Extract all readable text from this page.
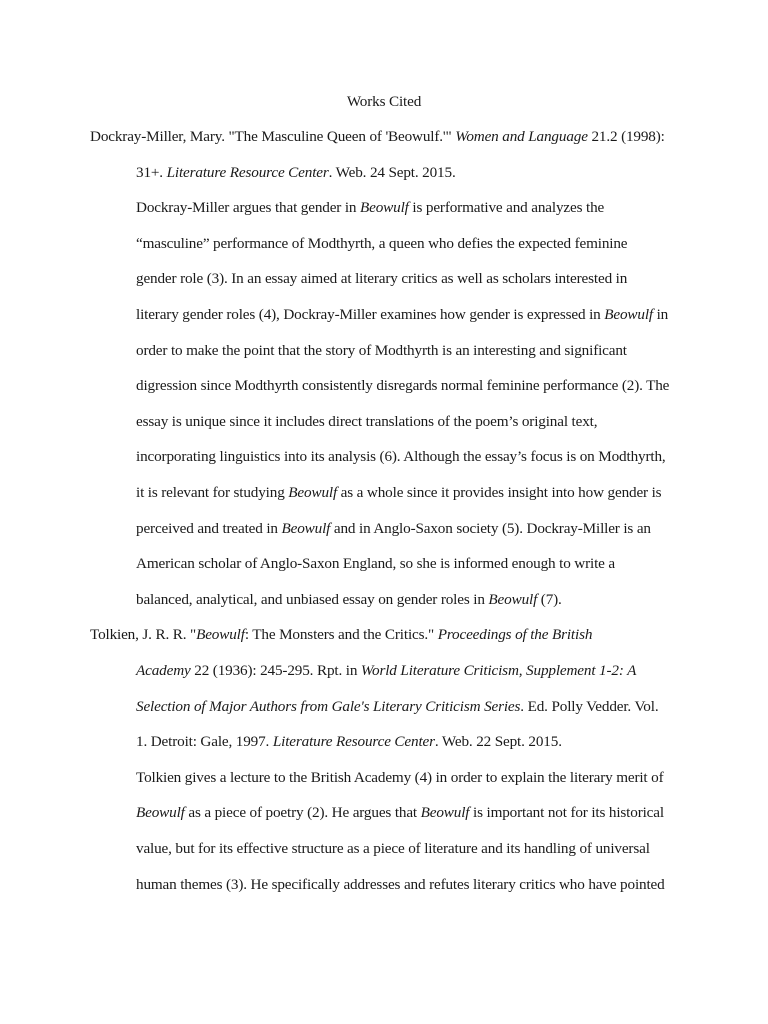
Works Cited
Dockray-Miller, Mary. "The Masculine Queen of 'Beowulf.'" Women and Language 21.2 (1998):
31+. Literature Resource Center. Web. 24 Sept. 2015.
Dockray-Miller argues that gender in Beowulf is performative and analyzes the
“masculine” performance of Modthyrth, a queen who defies the expected feminine
gender role (3). In an essay aimed at literary critics as well as scholars interested in
literary gender roles (4), Dockray-Miller examines how gender is expressed in Beowulf in
order to make the point that the story of Modthyrth is an interesting and significant
digression since Modthyrth consistently disregards normal feminine performance (2). The
essay is unique since it includes direct translations of the poem’s original text,
incorporating linguistics into its analysis (6). Although the essay’s focus is on Modthyrth,
it is relevant for studying Beowulf as a whole since it provides insight into how gender is
perceived and treated in Beowulf and in Anglo-Saxon society (5). Dockray-Miller is an
American scholar of Anglo-Saxon England, so she is informed enough to write a
balanced, analytical, and unbiased essay on gender roles in Beowulf (7).
Tolkien, J. R. R. "Beowulf: The Monsters and the Critics." Proceedings of the British
Academy 22 (1936): 245-295. Rpt. in World Literature Criticism, Supplement 1-2: A
Selection of Major Authors from Gale's Literary Criticism Series. Ed. Polly Vedder. Vol.
1. Detroit: Gale, 1997. Literature Resource Center. Web. 22 Sept. 2015.
Tolkien gives a lecture to the British Academy (4) in order to explain the literary merit of
Beowulf as a piece of poetry (2). He argues that Beowulf is important not for its historical
value, but for its effective structure as a piece of literature and its handling of universal
human themes (3). He specifically addresses and refutes literary critics who have pointed
